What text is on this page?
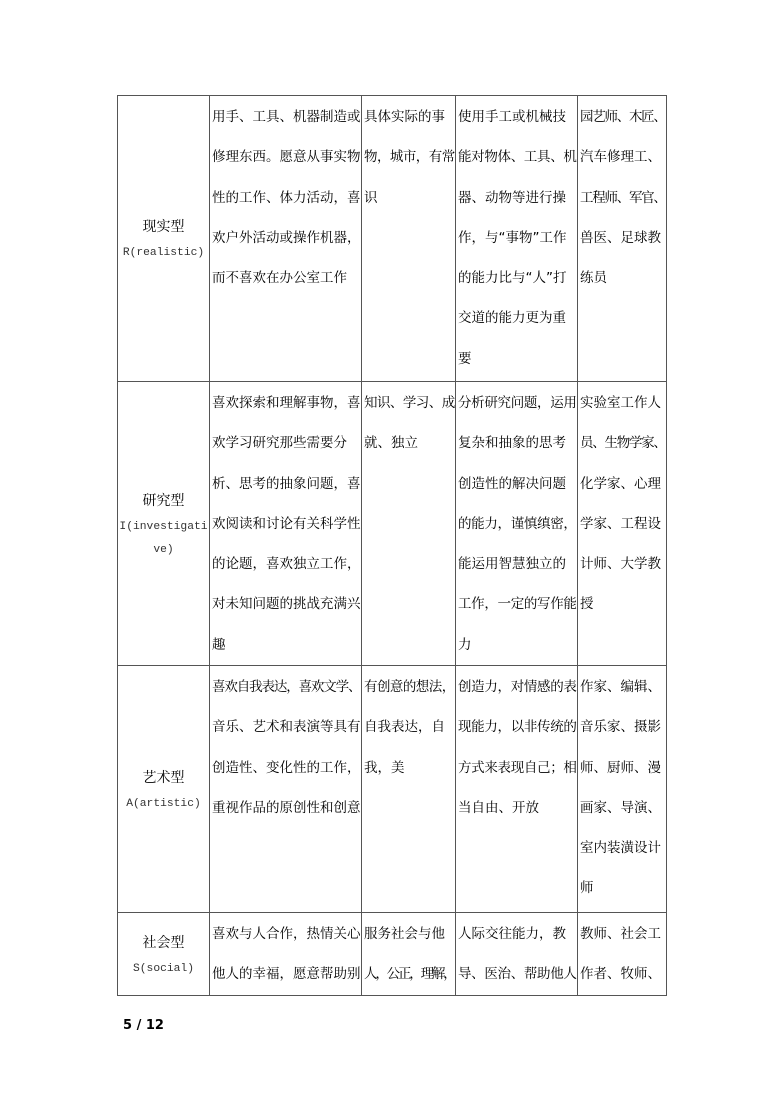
现实型
R(realistic)
用手、工具、机器制造或
修理东西。愿意从事实物
性的工作、体力活动，喜
欢户外活动或操作机器，
而不喜欢在办公室工作
具体实际的事
物，城市，有常
识
使用手工或机械技
能对物体、工具、机
器、动物等进行操
作，与“事物”工作
的能力比与“人”打
交道的能力更为重
要
园艺师、木匠、
汽车修理工、
工程师、军官、
兽医、足球教
练员
研究型
I(investigati
ve)
喜欢探索和理解事物，喜
欢学习研究那些需要分
析、思考的抽象问题，喜
欢阅读和讨论有关科学性
的论题，喜欢独立工作，
对未知问题的挑战充满兴
趣
知识、学习、成
就、独立
分析研究问题，运用
复杂和抽象的思考
创造性的解决问题
的能力，谨慎缜密，
能运用智慧独立的
工作，一定的写作能
力
实验室工作人
员、生物学家、
化学家、心理
学家、工程设
计师、大学教
授
艺术型
A(artistic)
喜欢自我表达，喜欢文学、
音乐、艺术和表演等具有
创造性、变化性的工作，
重视作品的原创性和创意
有创意的想法，
自我表达，自
我，美
创造力，对情感的表
现能力，以非传统的
方式来表现自己；相
当自由、开放
作家、编辑、
音乐家、摄影
师、厨师、漫
画家、导演、
室内装潢设计
师
社会型
S(social)
喜欢与人合作，热情关心
他人的幸福，愿意帮助别
服务社会与他
人，公正，理解，
人际交往能力，教
导、医治、帮助他人
教师、社会工
作者、牧师、
5 / 12
